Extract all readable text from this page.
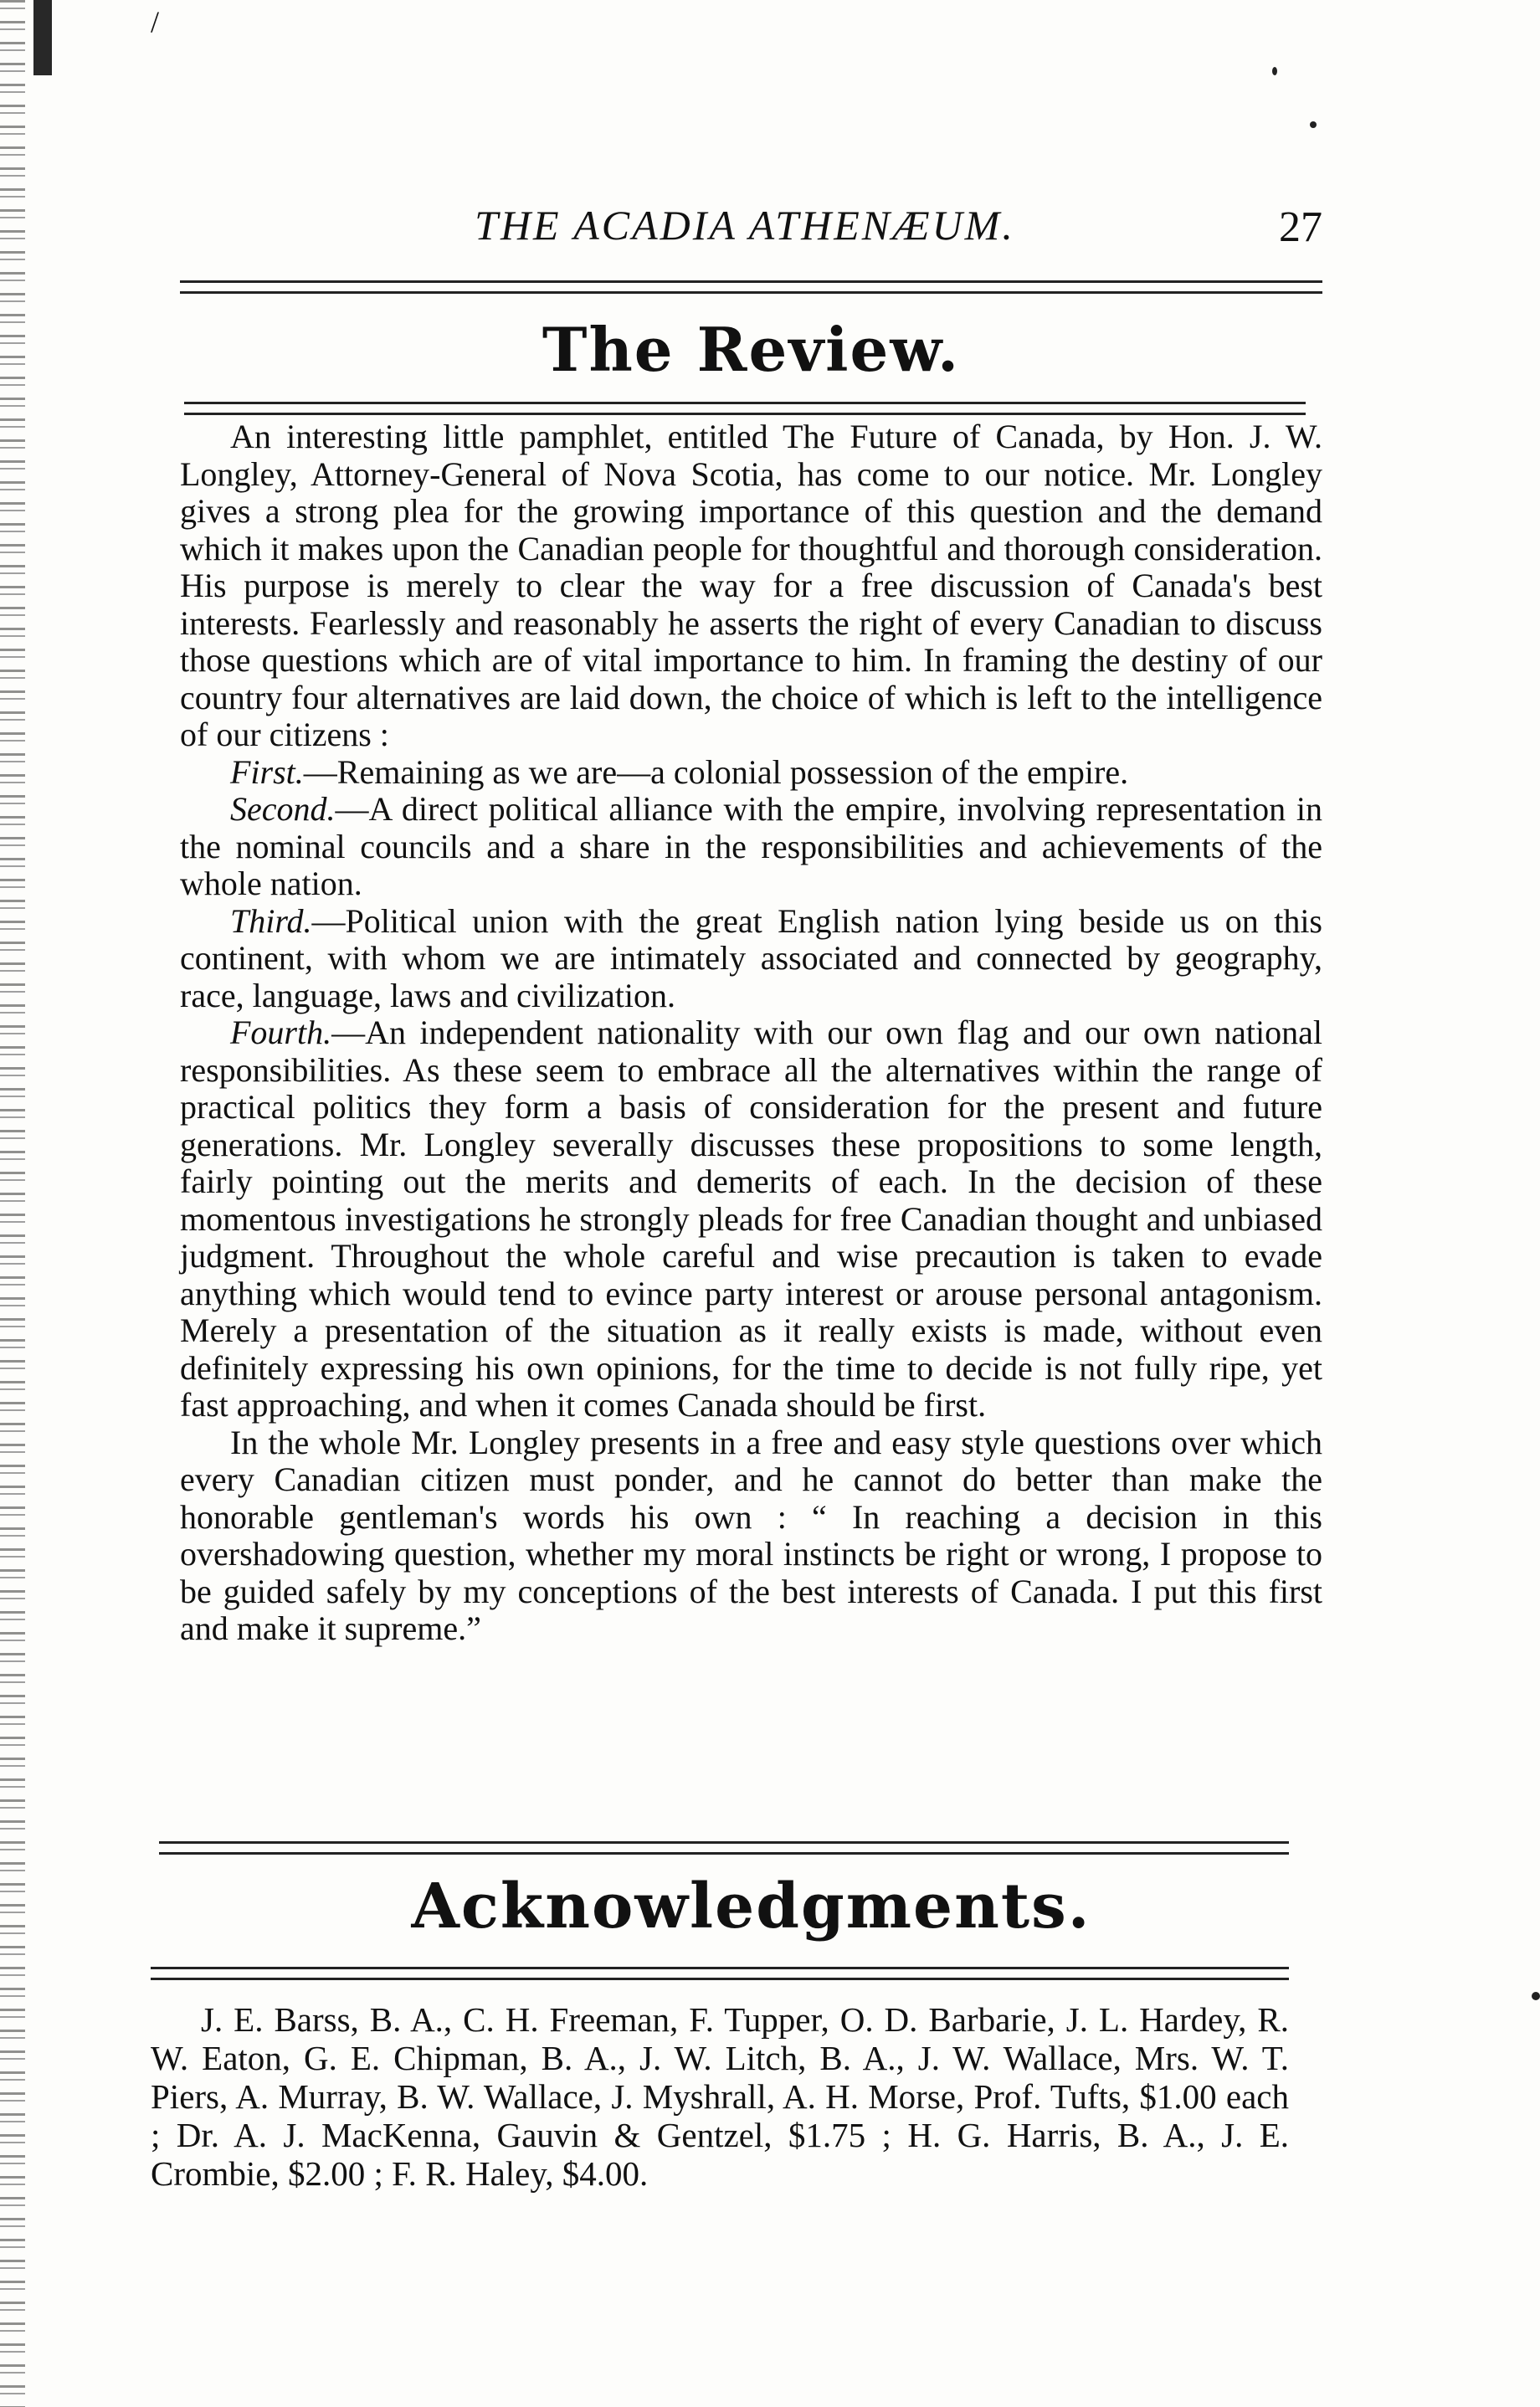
/
THE ACADIA ATHENÆUM.	27
The Review.

An interesting little pamphlet, entitled The Future of Canada, by Hon. J. W. Longley, Attorney-General of Nova Scotia, has come to our notice. Mr. Longley gives a strong plea for the growing importance of this question and the demand which it makes upon the Canadian people for thoughtful and thorough consideration. His purpose is merely to clear the way for a free discussion of Canada's best interests. Fearlessly and reasonably he asserts the right of every Canadian to discuss those questions which are of vital importance to him. In framing the destiny of our country four alternatives are laid down, the choice of which is left to the intelligence of our citizens :

First.—Remaining as we are—a colonial possession of the empire.

Second.—A direct political alliance with the empire, involving representation in the nominal councils and a share in the responsibilities and achievements of the whole nation.

Third.—Political union with the great English nation lying beside us on this continent, with whom we are intimately associated and connected by geography, race, language, laws and civilization.

Fourth.—An independent nationality with our own flag and our own national responsibilities. As these seem to embrace all the alternatives within the range of practical politics they form a basis of consideration for the present and future generations. Mr. Longley severally discusses these propositions to some length, fairly pointing out the merits and demerits of each. In the decision of these momentous investigations he strongly pleads for free Canadian thought and unbiased judgment. Throughout the whole careful and wise precaution is taken to evade anything which would tend to evince party interest or arouse personal antagonism. Merely a presentation of the situation as it really exists is made, without even definitely expressing his own opinions, for the time to decide is not fully ripe, yet fast approaching, and when it comes Canada should be first.

In the whole Mr. Longley presents in a free and easy style questions over which every Canadian citizen must ponder, and he cannot do better than make the honorable gentleman's words his own : “ In reaching a decision in this overshadowing question, whether my moral instincts be right or wrong, I propose to be guided safely by my conceptions of the best interests of Canada. I put this first and make it supreme.”

Acknowledgments.

J. E. Barss, B. A., C. H. Freeman, F. Tupper, O. D. Barbarie, J. L. Hardey, R. W. Eaton, G. E. Chipman, B. A., J. W. Litch, B. A., J. W. Wallace, Mrs. W. T. Piers, A. Murray, B. W. Wallace, J. Myshrall, A. H. Morse, Prof. Tufts, $1.00 each ; Dr. A. J. MacKenna, Gauvin & Gentzel, $1.75 ; H. G. Harris, B. A., J. E. Crombie, $2.00 ; F. R. Haley, $4.00.
